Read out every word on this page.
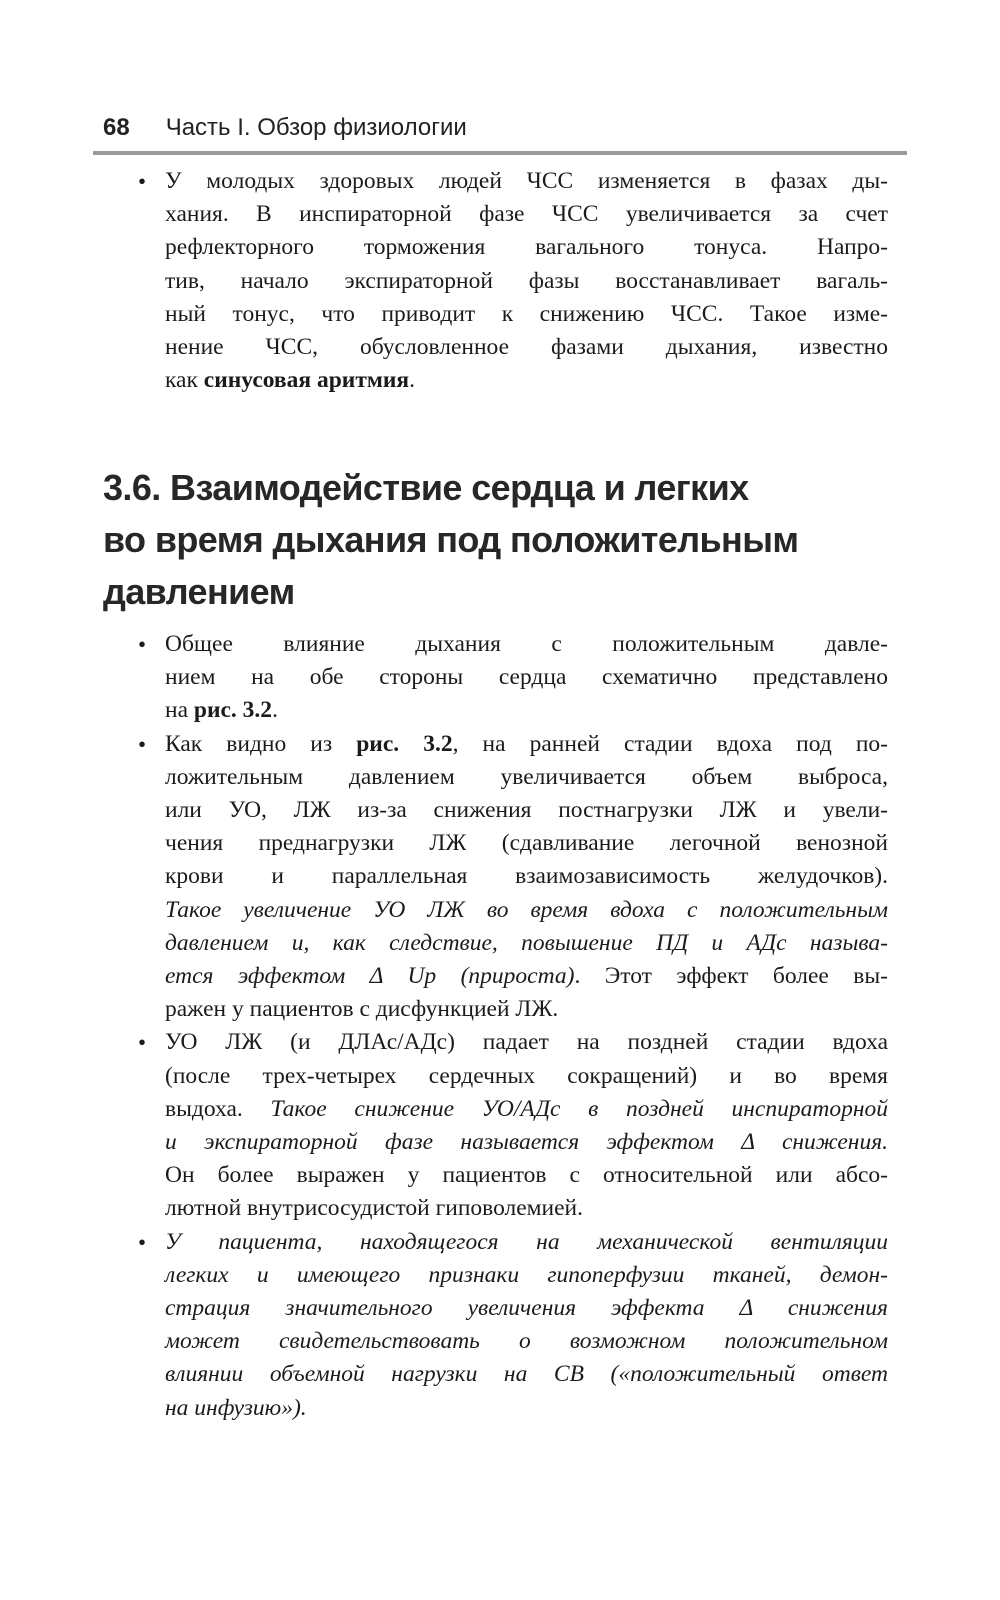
68 Часть I. Обзор физиологии
• У молодых здоровых людей ЧСС изменяется в фазах ды-
хания. В инспираторной фазе ЧСС увеличивается за счет
рефлекторного торможения вагального тонуса. Напро-
тив, начало экспираторной фазы восстанавливает вагаль-
ный тонус, что приводит к снижению ЧСС. Такое изме-
нение ЧСС, обусловленное фазами дыхания, известно
как синусовая аритмия.
3.6. Взаимодействие сердца и легких
во время дыхания под положительным
давлением
• Общее влияние дыхания с положительным давле-
нием на обе стороны сердца схематично представлено
на рис. 3.2.
• Как видно из рис. 3.2, на ранней стадии вдоха под по-
ложительным давлением увеличивается объем выброса,
или УО, ЛЖ из-за снижения постнагрузки ЛЖ и увели-
чения преднагрузки ЛЖ (сдавливание легочной венозной
крови и параллельная взаимозависимость желудочков).
Такое увеличение УО ЛЖ во время вдоха с положительным
давлением и, как следствие, повышение ПД и АДс называ-
ется эффектом Δ Up (прироста). Этот эффект более вы-
ражен у пациентов с дисфункцией ЛЖ.
• УО ЛЖ (и ДЛАс/АДс) падает на поздней стадии вдоха
(после трех-четырех сердечных сокращений) и во время
выдоха. Такое снижение УО/АДс в поздней инспираторной
и экспираторной фазе называется эффектом Δ снижения.
Он более выражен у пациентов с относительной или абсо-
лютной внутрисосудистой гиповолемией.
• У пациента, находящегося на механической вентиляции
легких и имеющего признаки гипоперфузии тканей, демон-
страция значительного увеличения эффекта Δ снижения
может свидетельствовать о возможном положительном
влиянии объемной нагрузки на СВ («положительный ответ
на инфузию»).
